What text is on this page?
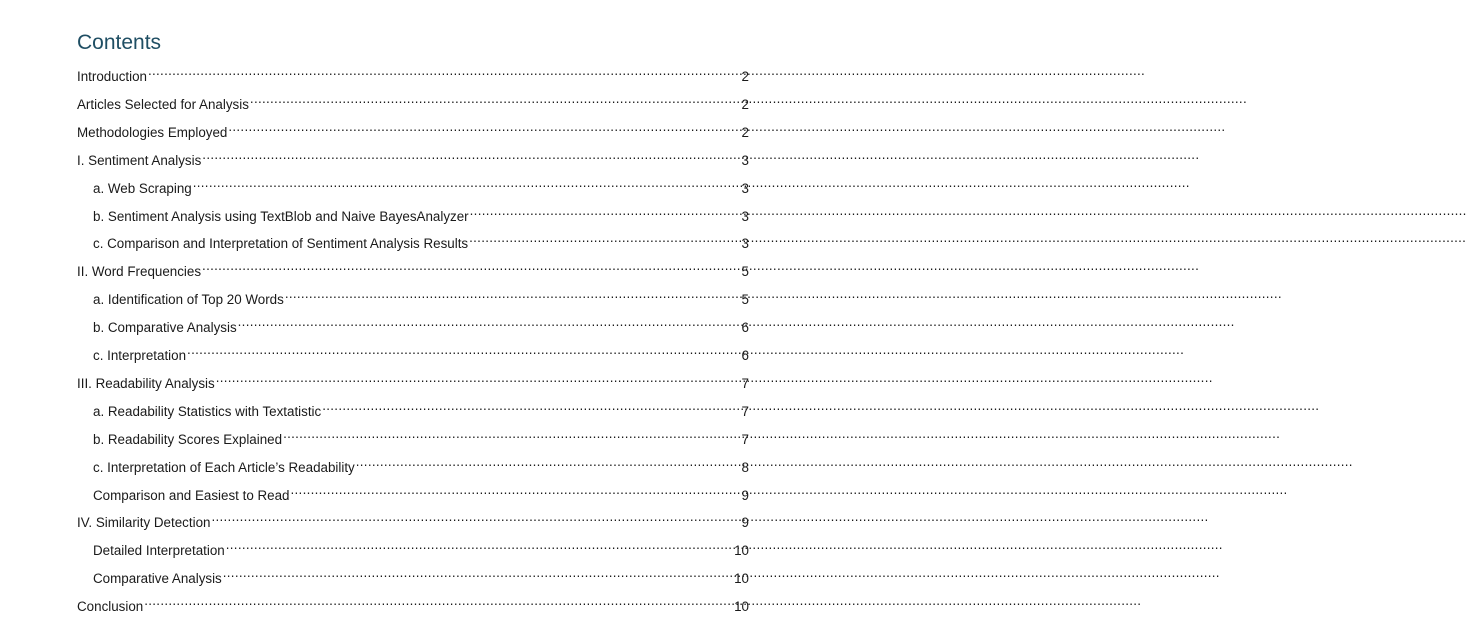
Contents
Introduction .....	2
Articles Selected for Analysis .....	2
Methodologies Employed .....	2
I. Sentiment Analysis .....	3
a. Web Scraping .....	3
b. Sentiment Analysis using TextBlob and Naive BayesAnalyzer .....	3
c. Comparison and Interpretation of Sentiment Analysis Results .....	3
II. Word Frequencies .....	5
a. Identification of Top 20 Words .....	5
b. Comparative Analysis .....	6
c. Interpretation .....	6
III. Readability Analysis .....	7
a. Readability Statistics with Textatistic .....	7
b. Readability Scores Explained .....	7
c. Interpretation of Each Article’s Readability .....	8
Comparison and Easiest to Read .....	9
IV. Similarity Detection .....	9
Detailed Interpretation .....	10
Comparative Analysis .....	10
Conclusion .....	10
